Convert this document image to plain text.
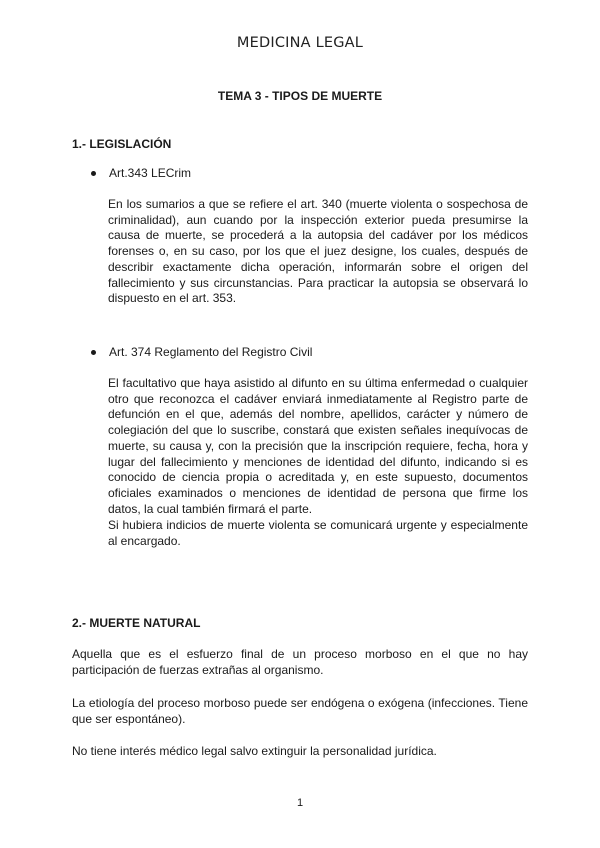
MEDICINA LEGAL
TEMA 3 - TIPOS DE MUERTE
1.- LEGISLACIÓN
Art.343 LECrim

En los sumarios a que se refiere el art. 340 (muerte violenta o sospechosa de criminalidad), aun cuando por la inspección exterior pueda presumirse la causa de muerte, se procederá a la autopsia del cadáver por los médicos forenses o, en su caso, por los que el juez designe, los cuales, después de describir exactamente dicha operación, informarán sobre el origen del fallecimiento y sus circunstancias. Para practicar la autopsia se observará lo dispuesto en el art. 353.

Art. 374 Reglamento del Registro Civil

El facultativo que haya asistido al difunto en su última enfermedad o cualquier otro que reconozca el cadáver enviará inmediatamente al Registro parte de defunción en el que, además del nombre, apellidos, carácter y número de colegiación del que lo suscribe, constará que existen señales inequívocas de muerte, su causa y, con la precisión que la inscripción requiere, fecha, hora y lugar del fallecimiento y menciones de identidad del difunto, indicando si es conocido de ciencia propia o acreditada y, en este supuesto, documentos oficiales examinados o menciones de identidad de persona que firme los datos, la cual también firmará el parte.

Si hubiera indicios de muerte violenta se comunicará urgente y especialmente al encargado.

2.- MUERTE NATURAL

Aquella que es el esfuerzo final de un proceso morboso en el que no hay participación de fuerzas extrañas al organismo.

La etiología del proceso morboso puede ser endógena o exógena (infecciones. Tiene que ser espontáneo).

No tiene interés médico legal salvo extinguir la personalidad jurídica.

1
